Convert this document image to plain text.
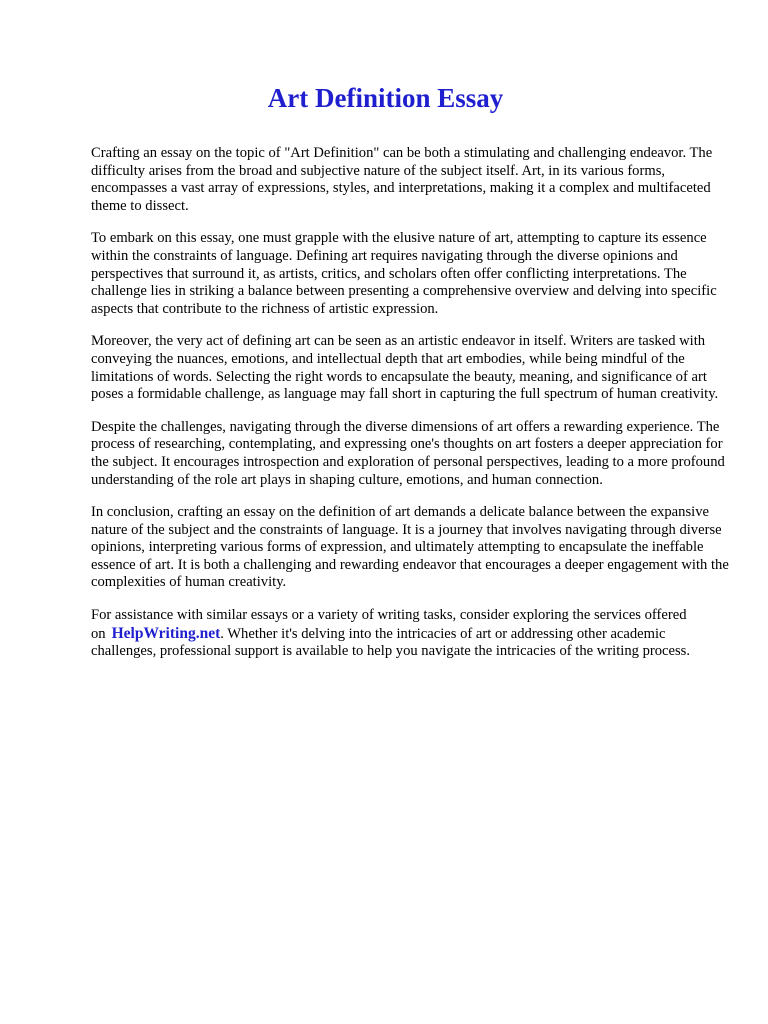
Art Definition Essay

Crafting an essay on the topic of "Art Definition" can be both a stimulating and challenging endeavor. The difficulty arises from the broad and subjective nature of the subject itself. Art, in its various forms, encompasses a vast array of expressions, styles, and interpretations, making it a complex and multifaceted theme to dissect.

To embark on this essay, one must grapple with the elusive nature of art, attempting to capture its essence within the constraints of language. Defining art requires navigating through the diverse opinions and perspectives that surround it, as artists, critics, and scholars often offer conflicting interpretations. The challenge lies in striking a balance between presenting a comprehensive overview and delving into specific aspects that contribute to the richness of artistic expression.

Moreover, the very act of defining art can be seen as an artistic endeavor in itself. Writers are tasked with conveying the nuances, emotions, and intellectual depth that art embodies, while being mindful of the limitations of words. Selecting the right words to encapsulate the beauty, meaning, and significance of art poses a formidable challenge, as language may fall short in capturing the full spectrum of human creativity.

Despite the challenges, navigating through the diverse dimensions of art offers a rewarding experience. The process of researching, contemplating, and expressing one's thoughts on art fosters a deeper appreciation for the subject. It encourages introspection and exploration of personal perspectives, leading to a more profound understanding of the role art plays in shaping culture, emotions, and human connection.

In conclusion, crafting an essay on the definition of art demands a delicate balance between the expansive nature of the subject and the constraints of language. It is a journey that involves navigating through diverse opinions, interpreting various forms of expression, and ultimately attempting to encapsulate the ineffable essence of art. It is both a challenging and rewarding endeavor that encourages a deeper engagement with the complexities of human creativity.

For assistance with similar essays or a variety of writing tasks, consider exploring the services offered on HelpWriting.net. Whether it's delving into the intricacies of art or addressing other academic challenges, professional support is available to help you navigate the intricacies of the writing process.
